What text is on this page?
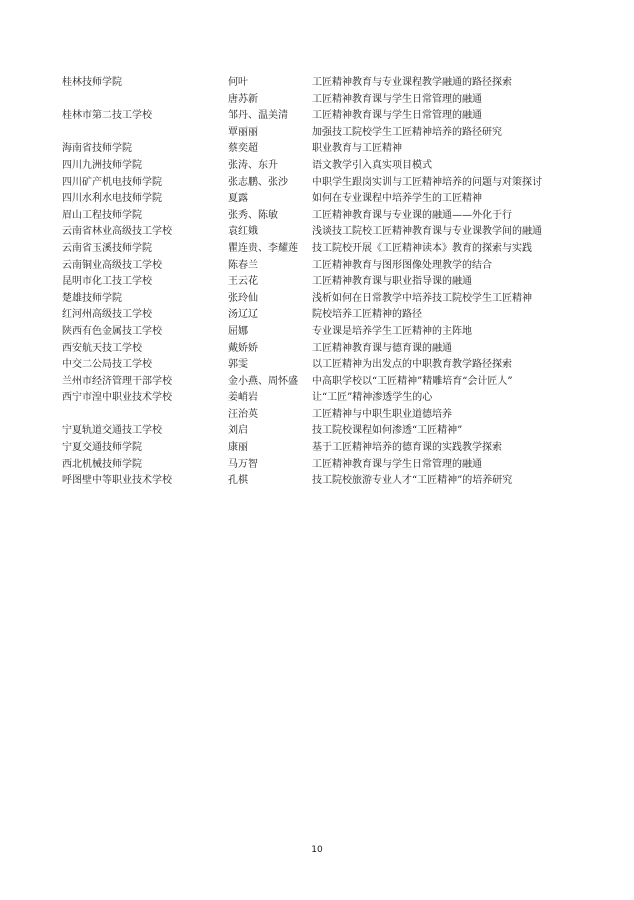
桂林技师学院	何叶	工匠精神教育与专业课程教学融通的路径探索
	唐苏新	工匠精神教育课与学生日常管理的融通
桂林市第二技工学校	邹丹、温美清	工匠精神教育课与学生日常管理的融通
	覃丽丽	加强技工院校学生工匠精神培养的路径研究
海南省技师学院	蔡奕超	职业教育与工匠精神
四川九洲技师学院	张涛、东升	语文教学引入真实项目模式
四川矿产机电技师学院	张志鹏、张沙	中职学生跟岗实训与工匠精神培养的问题与对策探讨
四川水利水电技师学院	夏露	如何在专业课程中培养学生的工匠精神
眉山工程技师学院	张秀、陈敏	工匠精神教育课与专业课的融通——外化于行
云南省林业高级技工学校	袁红娥	浅谈技工院校工匠精神教育课与专业课教学间的融通
云南省玉溪技师学院	瞿连贵、李耀莲	技工院校开展《工匠精神读本》教育的探索与实践
云南铜业高级技工学校	陈春兰	工匠精神教育与图形图像处理教学的结合
昆明市化工技工学校	王云花	工匠精神教育课与职业指导课的融通
楚雄技师学院	张玲仙	浅析如何在日常教学中培养技工院校学生工匠精神
红河州高级技工学校	汤辽辽	院校培养工匠精神的路径
陕西有色金属技工学校	屈娜	专业课是培养学生工匠精神的主阵地
西安航天技工学校	戴娇娇	工匠精神教育课与德育课的融通
中交二公局技工学校	郭雯	以工匠精神为出发点的中职教育教学路径探索
兰州市经济管理干部学校	金小燕、周怀盛	中高职学校以“工匠精神”精雕培育“会计匠人”
西宁市湟中职业技术学校	姜峭岩	让“工匠”精神渗透学生的心
	汪治英	工匠精神与中职生职业道德培养
宁夏轨道交通技工学校	刘启	技工院校课程如何渗透“工匠精神”
宁夏交通技师学院	康丽	基于工匠精神培养的德育课的实践教学探索
西北机械技师学院	马万智	工匠精神教育课与学生日常管理的融通
呼图壁中等职业技术学校	孔棋	技工院校旅游专业人才“工匠精神”的培养研究
10
